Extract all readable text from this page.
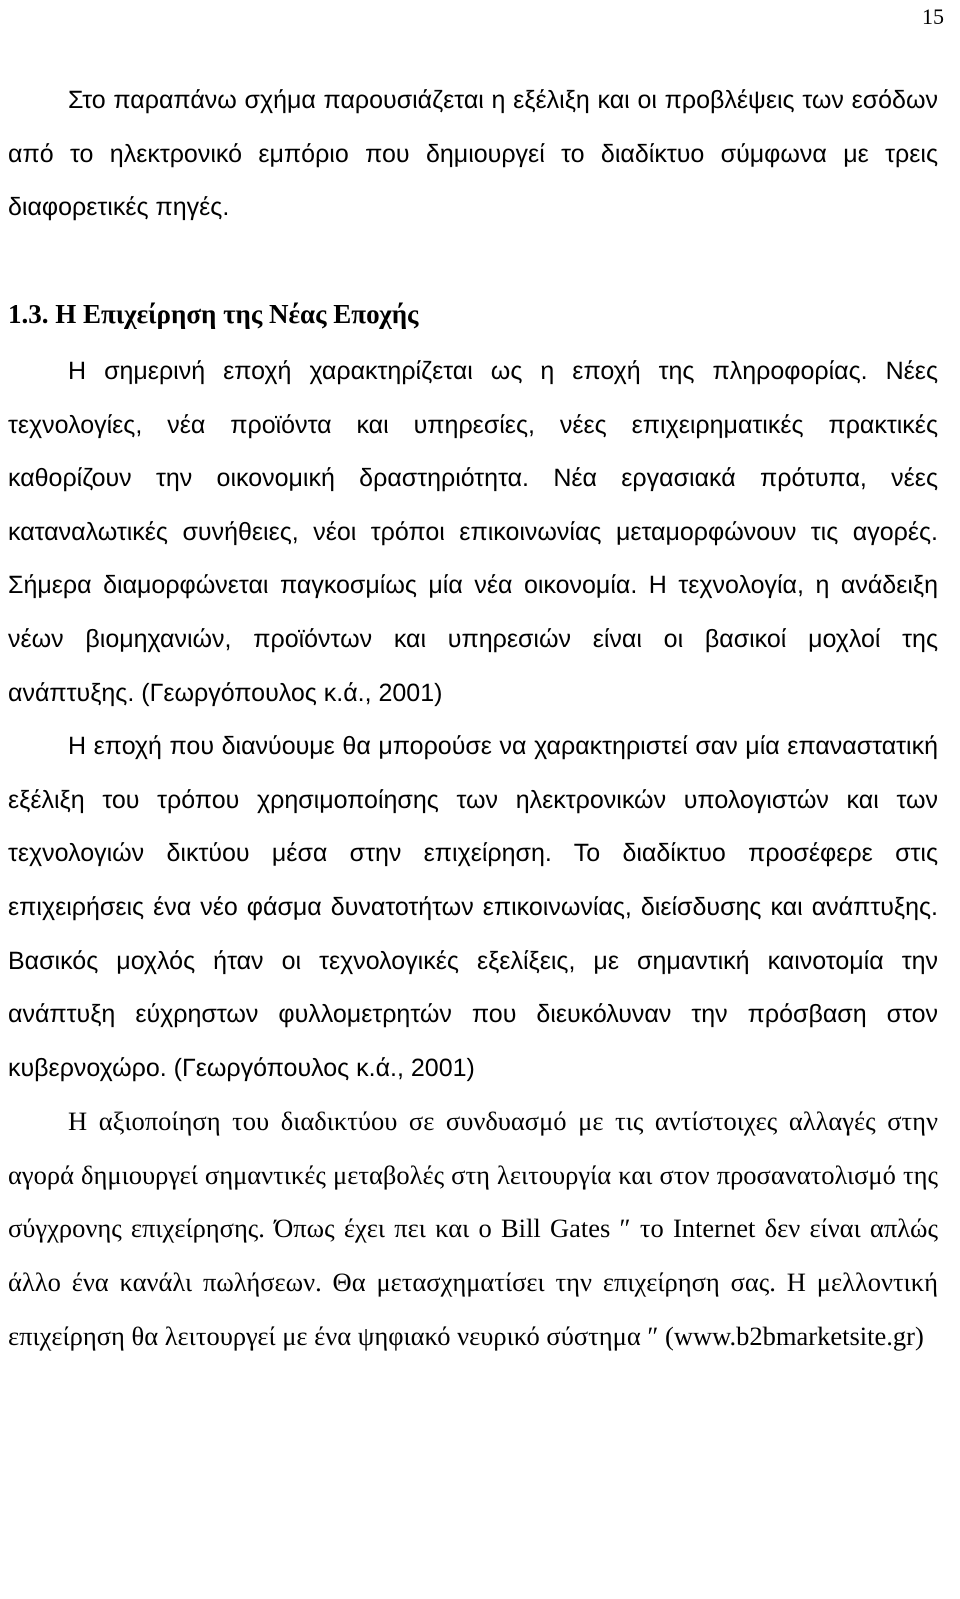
15

Στο παραπάνω σχήμα παρουσιάζεται η εξέλιξη και οι προβλέψεις των εσόδων από το ηλεκτρονικό εμπόριο που δημιουργεί το διαδίκτυο σύμφωνα με τρεις διαφορετικές πηγές.

1.3. Η Επιχείρηση της Νέας Εποχής

Η σημερινή εποχή χαρακτηρίζεται ως η εποχή της πληροφορίας. Νέες τεχνολογίες, νέα προϊόντα και υπηρεσίες, νέες επιχειρηματικές πρακτικές καθορίζουν την οικονομική δραστηριότητα. Νέα εργασιακά πρότυπα, νέες καταναλωτικές συνήθειες, νέοι τρόποι επικοινωνίας μεταμορφώνουν τις αγορές. Σήμερα διαμορφώνεται παγκοσμίως μία νέα οικονομία. Η τεχνολογία, η ανάδειξη νέων βιομηχανιών, προϊόντων και υπηρεσιών είναι οι βασικοί μοχλοί της ανάπτυξης. (Γεωργόπουλος κ.ά., 2001)

Η εποχή που διανύουμε θα μπορούσε να χαρακτηριστεί σαν μία επαναστατική εξέλιξη του τρόπου χρησιμοποίησης των ηλεκτρονικών υπολογιστών και των τεχνολογιών δικτύου μέσα στην επιχείρηση. Το διαδίκτυο προσέφερε στις επιχειρήσεις ένα νέο φάσμα δυνατοτήτων επικοινωνίας, διείσδυσης και ανάπτυξης. Βασικός μοχλός ήταν οι τεχνολογικές εξελίξεις, με σημαντική καινοτομία την ανάπτυξη εύχρηστων φυλλομετρητών που διευκόλυναν την πρόσβαση στον κυβερνοχώρο. (Γεωργόπουλος κ.ά., 2001)

Η αξιοποίηση του διαδικτύου σε συνδυασμό με τις αντίστοιχες αλλαγές στην αγορά δημιουργεί σημαντικές μεταβολές στη λειτουργία και στον προσανατολισμό της σύγχρονης επιχείρησης. Όπως έχει πει και ο Bill Gates ″ το Internet δεν είναι απλώς άλλο ένα κανάλι πωλήσεων. Θα μετασχηματίσει την επιχείρηση σας. Η μελλοντική επιχείρηση θα λειτουργεί με ένα ψηφιακό νευρικό σύστημα ″ (www.b2bmarketsite.gr)
